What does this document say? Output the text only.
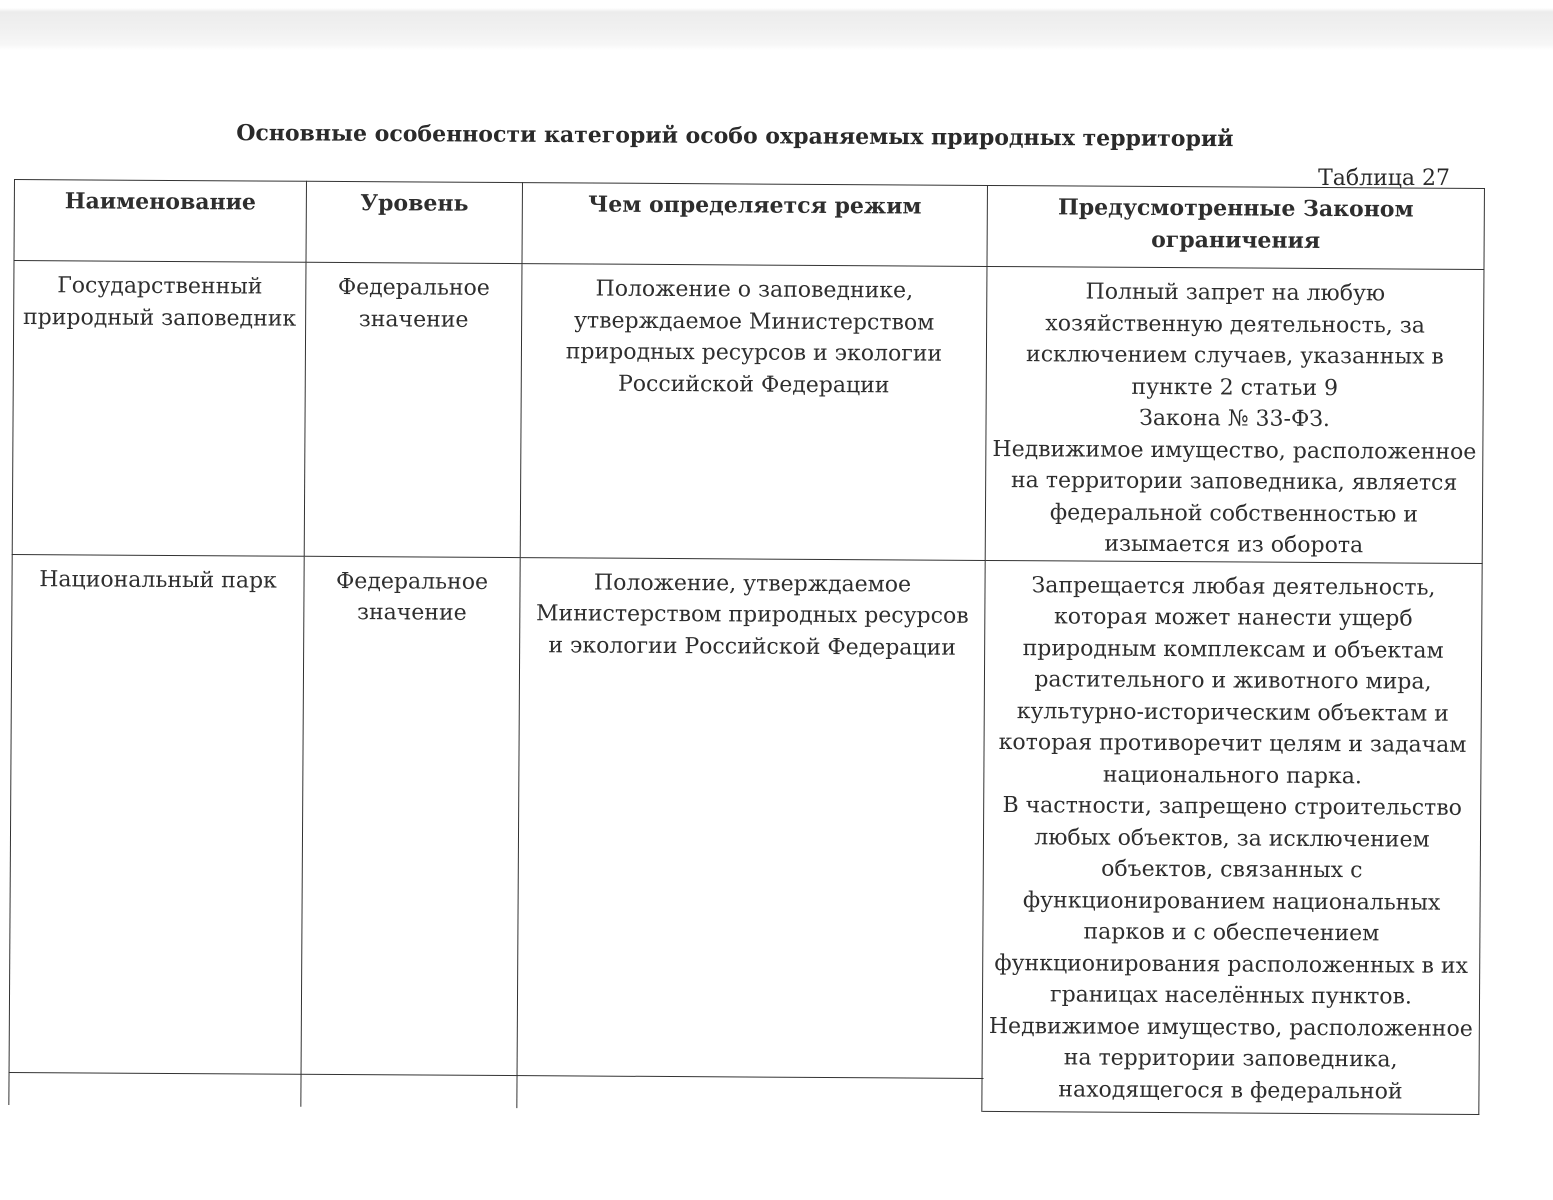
Основные особенности категорий особо охраняемых природных территорий
Таблица 27
Наименование	Уровень	Чем определяется режим	Предусмотренные Законом ограничения

Государственный природный заповедник	Федеральное значение	Положение о заповеднике, утверждаемое Министерством природных ресурсов и экологии Российской Федерации	Полный запрет на любую хозяйственную деятельность, за исключением случаев, указанных в пункте 2 статьи 9
Закона № 33-ФЗ.
Недвижимое имущество, расположенное на территории заповедника, является федеральной собственностью и изымается из оборота

Национальный парк	Федеральное значение	Положение, утверждаемое Министерством природных ресурсов и экологии Российской Федерации	Запрещается любая деятельность, которая может нанести ущерб природным комплексам и объектам растительного и животного мира, культурно-историческим объектам и которая противоречит целям и задачам национального парка.
В частности, запрещено строительство любых объектов, за исключением объектов, связанных с функционированием национальных парков и с обеспечением функционирования расположенных в их границах населённых пунктов.
Недвижимое имущество, расположенное на территории заповедника, находящегося в федеральной
